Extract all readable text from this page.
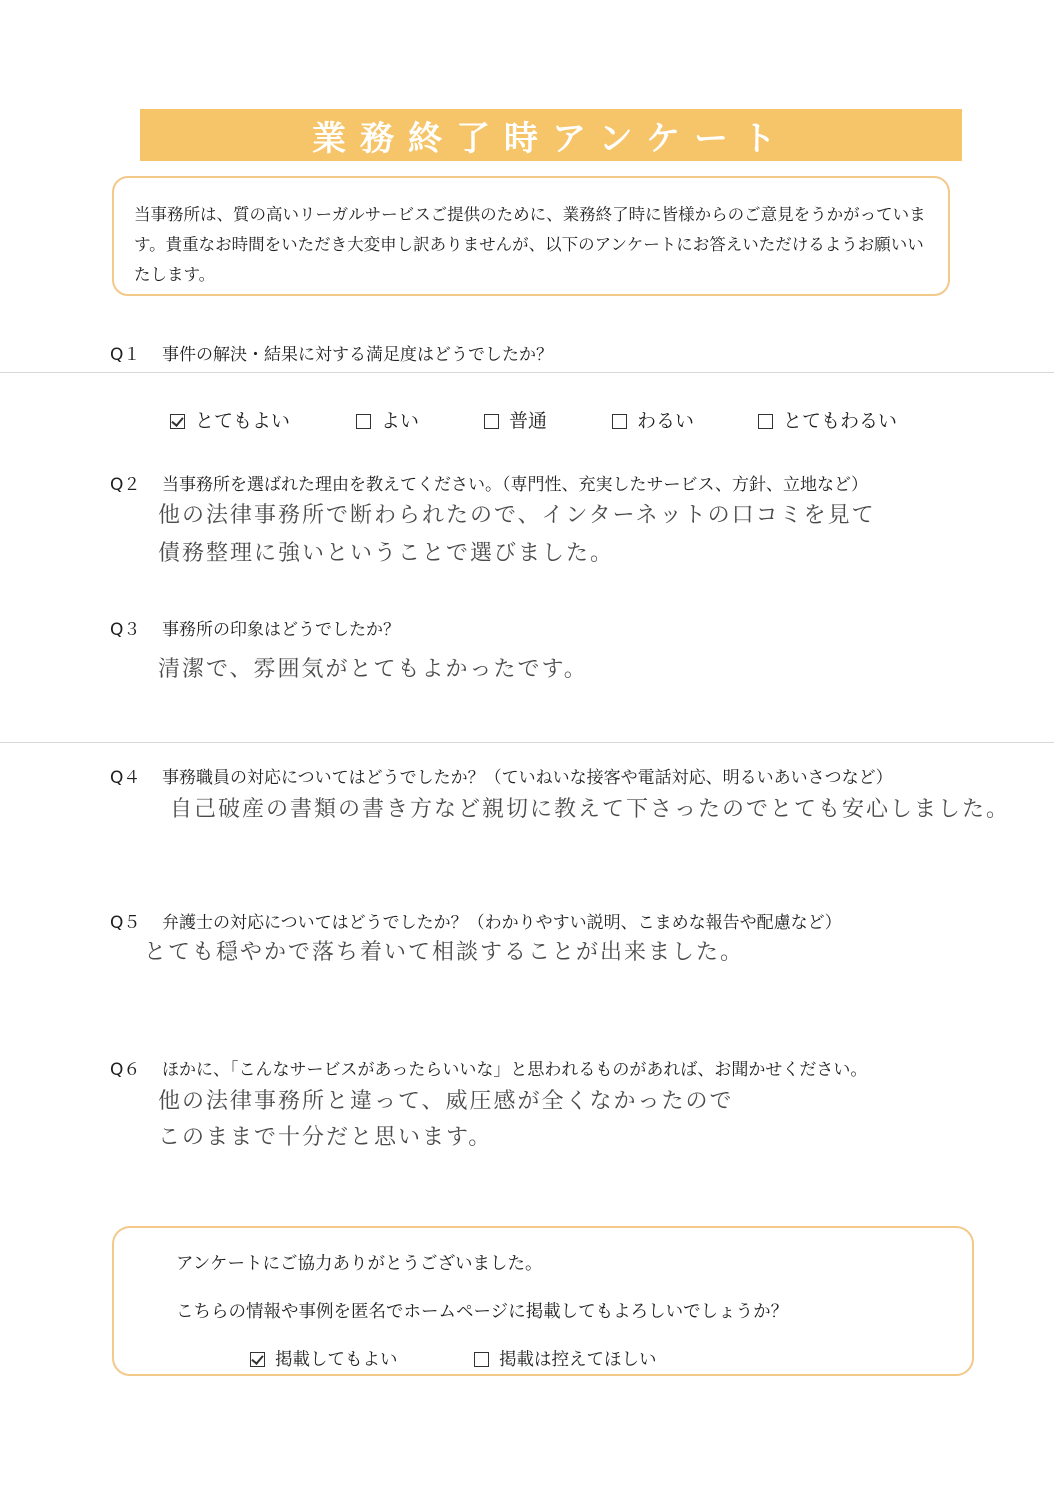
業務終了時アンケート

当事務所は、質の高いリーガルサービスご提供のために、業務終了時に皆様からのご意見をうかがっています。貴重なお時間をいただき大変申し訳ありませんが、以下のアンケートにお答えいただけるようお願いいたします。

Q１ 事件の解決・結果に対する満足度はどうでしたか？
とてもよい	よい	普通	わるい	とてもわるい
Q２ 当事務所を選ばれた理由を教えてください。（専門性、充実したサービス、方針、立地など）
他の法律事務所で断わられたので、インターネットの口コミを見て
債務整理に強いということで選びました。
Q３ 事務所の印象はどうでしたか？
清潔で、雰囲気がとてもよかったです。
Q４ 事務職員の対応についてはどうでしたか？（ていねいな接客や電話対応、明るいあいさつなど）
自己破産の書類の書き方など親切に教えて下さったのでとても安心しました。
Q５ 弁護士の対応についてはどうでしたか？（わかりやすい説明、こまめな報告や配慮など）
とても穏やかで落ち着いて相談することが出来ました。
Q６ ほかに、「こんなサービスがあったらいいな」と思われるものがあれば、お聞かせください。
他の法律事務所と違って、威圧感が全くなかったので
このままで十分だと思います。
アンケートにご協力ありがとうございました。
こちらの情報や事例を匿名でホームページに掲載してもよろしいでしょうか？
掲載してもよい	掲載は控えてほしい
